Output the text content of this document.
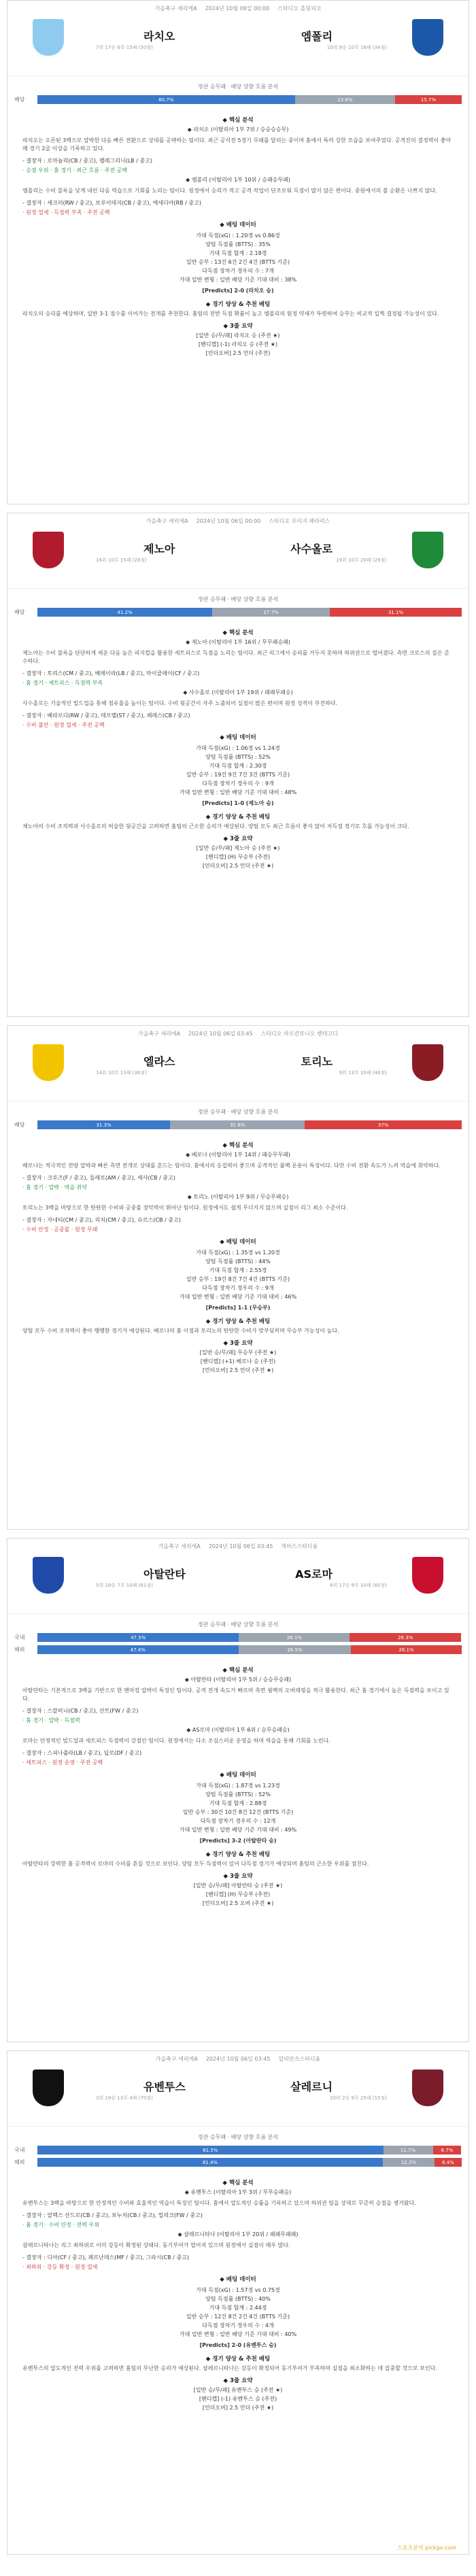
가을축구 세리에A 2024년 10월 06일 00:00 스타디오 올림피코
라치오
7위 17승 6무 15패 (50점)
엠폴리
10위 8승 10무 18패 (34점)
정관 승무패 · 배당 상향 흐름 분석
배당	60.7%	23.6%	15.7%
◆ 핵심 분석
◆ 라치오 (이탈리아 1부 7위 / 승승승승무)
라치오는 오픈된 3백으로 압박한 다음 빠른 전환으로 상대를 공략하는 팀이다. 최근 공식전 5경기 무패를 달리는 중이며 홈에서 특히 강한 모습을 보여주었다. 공격진의 결정력이 좋아 매 경기 2골 이상을 기록하고 있다.
- 결장자 : 로마뇰리(CB / 중고), 펠레그리니(LB / 중고)
· 승점 우위 · 홈 경기 · 최근 흐름 · 주전 공백
◆ 엠폴리 (이탈리아 1부 10위 / 승패승무패)
엠폴리는 수비 블록을 낮게 내린 다음 역습으로 기회를 노리는 팀이다. 원정에서 승리가 적고 공격 작업이 단조로워 득점이 많지 않은 편이다. 중원에서의 볼 순환은 나쁘지 않다.
- 결장자 : 세크러(RW / 중고), 보루이테지(CB / 중고), 에세디아(RB / 중고)
· 원정 열세 · 득점력 부족 · 주전 공백
◆ 배팅 데이터
가대 득점(xG) : 1.20경 vs 0.86경
양팀 득점률 (BTTS) : 35%
기대 득점 합계 : 2.18경
일반 승부 : 13건 6건 2건 4건 (BTTS 기준)
다득점 장차기 경우의 수 : 7개
가대 일반 변형 : 일반 배당 기준 기대 대비 : 38%
[Predicts] 2-0 (라치오 승)
◆ 경기 양상 & 추천 배팅
라치오의 승리를 예상하며, 일반 3-1 점수를 이어가는 전개를 추천한다. 홈팀의 전반 득점 확률이 높고 엠폴리의 원정 약세가 뚜렷하여 승부는 비교적 일찍 결정될 가능성이 있다.
◆ 3줄 요약
[일반 승/무/패] 라치오 승 (주전 ★)
[핸디캡] (-1) 라치오 승 (주전 ★)
[언더오버] 2.5 언더 (주전)
가을축구 세리에A 2024년 10월 06일 00:00 스타디오 루이지 페라리스
제노아
16위 10무 15패 (28점)
사수올로
19위 10무 20패 (29점)
정관 승무패 · 배당 상향 흐름 분석
배당	41.2%	27.7%	31.1%
◆ 핵심 분석
◆ 제노아 (이탈리아 1부 16위 / 무무패승패)
제노아는 수비 블록을 단단하게 세운 다음 높은 피지컬을 활용한 세트피스로 득점을 노리는 팀이다. 최근 리그에서 승리를 거두지 못하며 하위권으로 떨어졌다. 측면 크로스의 질은 준수하다.
- 결장자 : 토리스(CM / 중고), 베레이라(LB / 중고), 마이클레이(CF / 중고)
· 홈 경기 · 세트피스 · 득점력 부족
◆ 사수올로 (이탈리아 1부 19위 / 패패무패승)
사수올로는 기술적인 빌드업을 통해 점유율을 높이는 팀이다. 수비 뒷공간이 자주 노출되어 실점이 많은 편이며 원정 성적이 부진하다.
- 결장자 : 베라르디(RW / 중고), 데프렐(ST / 중고), 페레스(CB / 중고)
· 수비 불안 · 원정 열세 · 주전 공백
◆ 배팅 데이터
가대 득점(xG) : 1.06경 vs 1.24경
양팀 득점률 (BTTS) : 52%
기대 득점 합계 : 2.30경
일반 승부 : 19건 9건 7건 3건 (BTTS 기준)
다득점 장차기 경우의 수 : 9개
가대 일반 변형 : 일반 배당 기준 기대 대비 : 48%
[Predicts] 1-0 (제노아 승)
◆ 경기 양상 & 추천 배팅
제노아의 수비 조직력과 사수올로의 허술한 뒷공간을 고려하면 홈팀의 근소한 승리가 예상된다. 양팀 모두 최근 흐름이 좋지 않아 저득점 경기로 흐를 가능성이 크다.
◆ 3줄 요약
[일반 승/무/패] 제노아 승 (주전 ★)
[핸디캡] (H) 무승부 (주전)
[언더오버] 2.5 언더 (주전 ★)
가을축구 세리에A 2024년 10월 06일 03:45 스타디오 마르칸토니오 벤테고디
엘라스
14위 10무 13패 (36점)
토리노
9위 13무 10패 (46점)
정관 승무패 · 배당 상향 흐름 분석
배당	31.3%	31.8%	37%
◆ 핵심 분석
◆ 베로나 (이탈리아 1부 14위 / 패승무무패)
베로나는 적극적인 전방 압박과 빠른 측면 전개로 상대를 흔드는 팀이다. 홈에서의 응집력이 좋으며 공격적인 풀백 운용이 특징이다. 다만 수비 전환 속도가 느려 역습에 취약하다.
- 결장자 : 크루즈(F / 중고), 둘레로(AM / 중고), 세사(CB / 중고)
· 홈 경기 · 압박 · 역습 취약
◆ 토리노 (이탈리아 1부 9위 / 무승무패승)
토리노는 3백을 바탕으로 한 탄탄한 수비와 공중볼 장악력이 뛰어난 팀이다. 원정에서도 쉽게 무너지지 않으며 실점이 리그 최소 수준이다.
- 결장자 : 자네티(CM / 중고), 리치(CM / 중고), 슈르스(CB / 중고)
· 수비 안정 · 공중볼 · 원정 무패
◆ 배팅 데이터
가대 득점(xG) : 1.35경 vs 1.20경
양팀 득점률 (BTTS) : 44%
기대 득점 합계 : 2.55경
일반 승부 : 19건 8건 7건 4건 (BTTS 기준)
다득점 장차기 경우의 수 : 9개
가대 일반 변형 : 일반 배당 기준 기대 대비 : 46%
[Predicts] 1-1 (무승부)
◆ 경기 양상 & 추천 배팅
양팀 모두 수비 조직력이 좋아 팽팽한 경기가 예상된다. 베로나의 홈 이점과 토리노의 탄탄한 수비가 맞부딪히며 무승부 가능성이 높다.
◆ 3줄 요약
[일반 승/무/패] 무승부 (주전 ★)
[핸디캡] (+1) 베로나 승 (주전)
[언더오버] 2.5 언더 (주전 ★)
가을축구 세리에A 2024년 10월 06일 03:45 게비스스타디움
아탈란타
5위 18승 7무 10패 (61점)
AS로마
6위 17승 9무 10패 (60점)
정관 승무패 · 배당 상향 흐름 분석
국내	47.5%	26.1%	26.3%
해외	47.4%	26.5%	26.1%
◆ 핵심 분석
◆ 아탈란타 (이탈리아 1부 5위 / 승승무승패)
아탈란타는 기본적으로 3백을 기반으로 한 맨마킹 압박이 특징인 팀이다. 공격 전개 속도가 빠르며 측면 윙백의 오버래핑을 적극 활용한다. 최근 홈 경기에서 높은 득점력을 보이고 있다.
- 결장자 : 스칼비니(CB / 중고), 산트(FW / 중고)
· 홈 경기 · 압박 · 득점력
◆ AS로마 (이탈리아 1부 6위 / 승무승패승)
로마는 안정적인 빌드업과 세트피스 득점력이 강점인 팀이다. 원정에서는 다소 조심스러운 운영을 하며 역습을 통해 기회를 노린다.
- 결장자 : 스피나촐라(LB / 중고), 딥로(DF / 중고)
· 세트피스 · 원정 운영 · 주전 공백
◆ 배팅 데이터
가대 득점(xG) : 1.87경 vs 1.23경
양팀 득점률 (BTTS) : 52%
기대 득점 합계 : 2.88경
일반 승부 : 30건 10건 8건 12건 (BTTS 기준)
다득점 장차기 경우의 수 : 12개
가대 일반 변형 : 일반 배당 기준 기대 대비 : 49%
[Predicts] 3-2 (아탈란타 승)
◆ 경기 양상 & 추천 배팅
아탈란타의 강력한 홈 공격력이 로마의 수비를 흔들 것으로 보인다. 양팀 모두 득점력이 있어 다득점 경기가 예상되며 홈팀의 근소한 우위를 점친다.
◆ 3줄 요약
[일반 승/무/패] 아탈란타 승 (주전 ★)
[핸디캡] (H) 무승부 (주전)
[언더오버] 2.5 오버 (주전 ★)
가을축구 세리에A 2024년 10월 06일 03:45 알리안츠스타디움
유벤투스
3위 19승 13무 4패 (70점)
살레르니
20위 2승 9무 25패 (15점)
정관 승무패 · 배당 상향 흐름 분석
국내	81.5%	11.7%	6.7%
해외	81.4%	12.2%	6.4%
◆ 핵심 분석
◆ 유벤투스 (이탈리아 1부 3위 / 무무승패승)
유벤투스는 3백을 바탕으로 한 안정적인 수비와 효율적인 역습이 특징인 팀이다. 홈에서 압도적인 승률을 기록하고 있으며 하위권 팀을 상대로 꾸준히 승점을 챙겨왔다.
- 결장자 : 알렉스 산드로(CB / 중고), 보누치(CB / 중고), 밀리크(FW / 중고)
· 홈 경기 · 수비 안정 · 전력 우위
◆ 살레르니타나 (이탈리아 1부 20위 / 패패무패패)
살레르니타나는 리그 최하위로 이미 강등이 확정된 상태다. 동기부여가 떨어져 있으며 원정에서 실점이 매우 많다.
- 결장자 : 디아(CF / 중고), 페르난데스(MF / 중고), 그라시(CB / 중고)
· 최하위 · 강등 확정 · 원정 열세
◆ 배팅 데이터
가대 득점(xG) : 1.57경 vs 0.75경
양팀 득점률 (BTTS) : 40%
기대 득점 합계 : 2.44경
일반 승부 : 12건 8건 2건 4건 (BTTS 기준)
다득점 장차기 경우의 수 : 4개
가대 일반 변형 : 일반 배당 기준 기대 대비 : 40%
[Predicts] 2-0 (유벤투스 승)
◆ 경기 양상 & 추천 배팅
유벤투스의 압도적인 전력 우위를 고려하면 홈팀의 무난한 승리가 예상된다. 살레르니타나는 강등이 확정되어 동기부여가 부족하며 실점을 최소화하는 데 집중할 것으로 보인다.
◆ 3줄 요약
[일반 승/무/패] 유벤투스 승 (주전 ★)
[핸디캡] (-1) 유벤투스 승 (주전)
[언더오버] 2.5 언더 (주전 ★)
스포츠분석 pickgo.com
